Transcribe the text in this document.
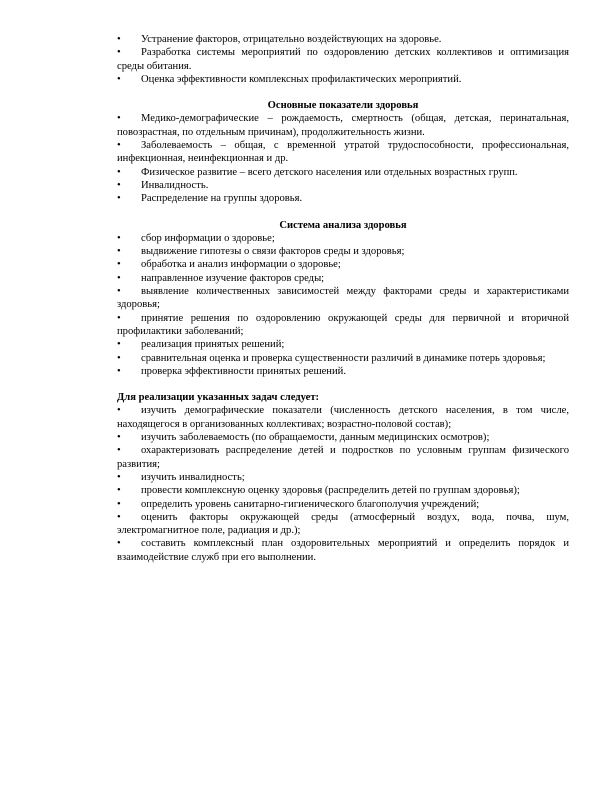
• Устранение факторов, отрицательно воздействующих на здоровье.

• Разработка системы мероприятий по оздоровлению детских коллективов и оптимизация среды обитания.

• Оценка эффективности комплексных профилактических мероприятий.

Основные показатели здоровья

• Медико-демографические – рождаемость, смертность (общая, детская, перинатальная, повозрастная, по отдельным причинам), продолжительность жизни.

• Заболеваемость – общая, с временной утратой трудоспособности, профессиональная, инфекционная, неинфекционная и др.

• Физическое развитие – всего детского населения или отдельных возрастных групп.

• Инвалидность.

• Распределение на группы здоровья.

Система анализа здоровья

• сбор информации о здоровье;

• выдвижение гипотезы о связи факторов среды и здоровья;

• обработка и анализ информации о здоровье;

• направленное изучение факторов среды;

• выявление количественных зависимостей между факторами среды и характеристиками здоровья;

• принятие решения по оздоровлению окружающей среды для первичной и вторичной профилактики заболеваний;

• реализация принятых решений;

• сравнительная оценка и проверка существенности различий в динамике потерь здоровья;

• проверка эффективности принятых решений.

Для реализации указанных задач следует:

• изучить демографические показатели (численность детского населения, в том числе, находящегося в организованных коллективах; возрастно-половой состав);

• изучить заболеваемость (по обращаемости, данным медицинских осмотров);

• охарактеризовать распределение детей и подростков по условным группам физического развития;

• изучить инвалидность;

• провести комплексную оценку здоровья (распределить детей по группам здоровья);

• определить уровень санитарно-гигиенического благополучия учреждений;

• оценить факторы окружающей среды (атмосферный воздух, вода, почва, шум, электромагнитное поле, радиация и др.);

• составить комплексный план оздоровительных мероприятий и определить порядок и взаимодействие служб при его выполнении.
